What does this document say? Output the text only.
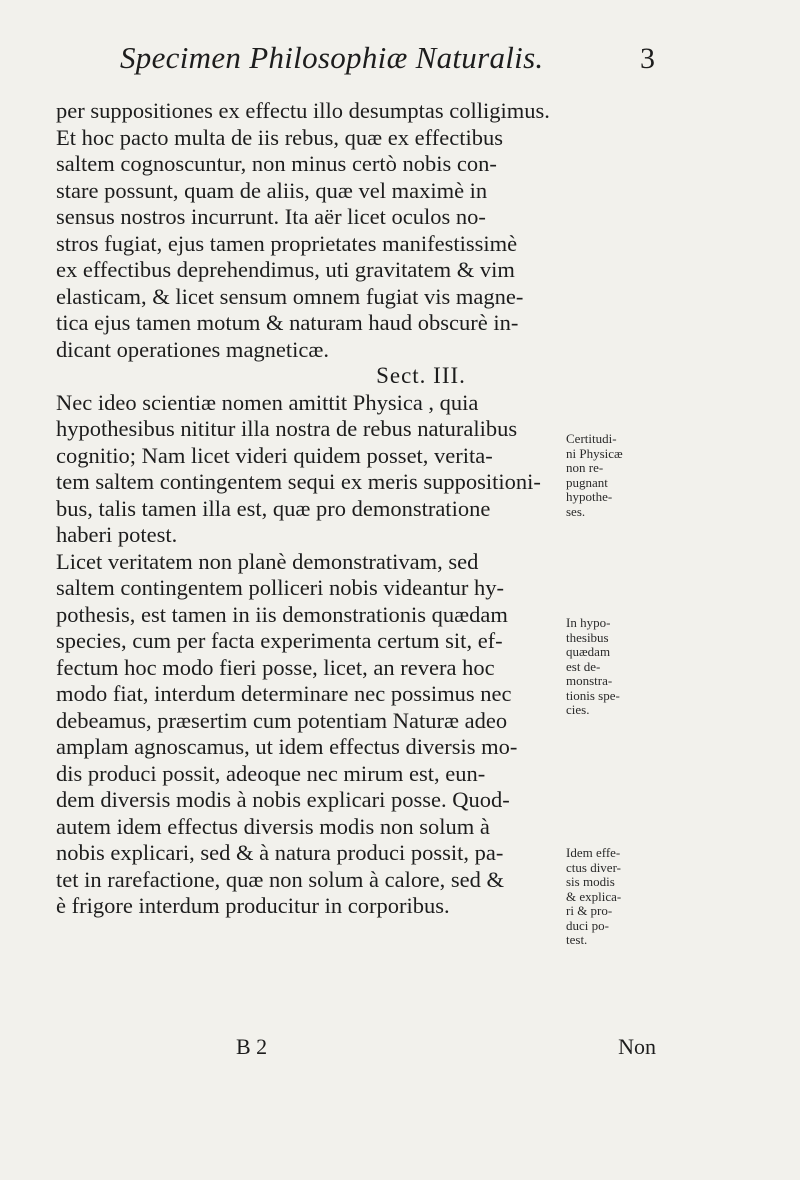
Specimen Philosophiæ Naturalis.	3
per suppositiones ex effectu illo desumptas colligimus.
Et hoc pacto multa de iis rebus, quæ ex effectibus
saltem cognoscuntur, non minus certò nobis con-
stare possunt, quam de aliis, quæ vel maximè in
sensus nostros incurrunt. Ita aër licet oculos no-
stros fugiat, ejus tamen proprietates manifestissimè
ex effectibus deprehendimus, uti gravitatem & vim
elasticam, & licet sensum omnem fugiat vis magne-
tica ejus tamen motum & naturam haud obscurè in-
dicant operationes magneticæ.
Sect. III.
Nec ideo scientiæ nomen amittit Physica , quia
hypothesibus nititur illa nostra de rebus naturalibus
cognitio; Nam licet videri quidem posset, verita-
tem saltem contingentem sequi ex meris suppositioni-
bus, talis tamen illa est, quæ pro demonstratione
haberi potest.
Licet veritatem non planè demonstrativam, sed
saltem contingentem polliceri nobis videantur hy-
pothesis, est tamen in iis demonstrationis quædam
species, cum per facta experimenta certum sit, ef-
fectum hoc modo fieri posse, licet, an revera hoc
modo fiat, interdum determinare nec possimus nec
debeamus, præsertim cum potentiam Naturæ adeo
amplam agnoscamus, ut idem effectus diversis mo-
dis produci possit, adeoque nec mirum est, eun-
dem diversis modis à nobis explicari posse. Quod-
autem idem effectus diversis modis non solum à
nobis explicari, sed & à natura produci possit, pa-
tet in rarefactione, quæ non solum à calore, sed &
è frigore interdum producitur in corporibus.
Certitudi-
ni Physicæ
non re-
pugnant
hypothe-
ses.
In hypo-
thesibus
quædam
est de-
monstra-
tionis spe-
cies.
Idem effe-
ctus diver-
sis modis
& explica-
ri & pro-
duci po-
test.
B 2	Non
